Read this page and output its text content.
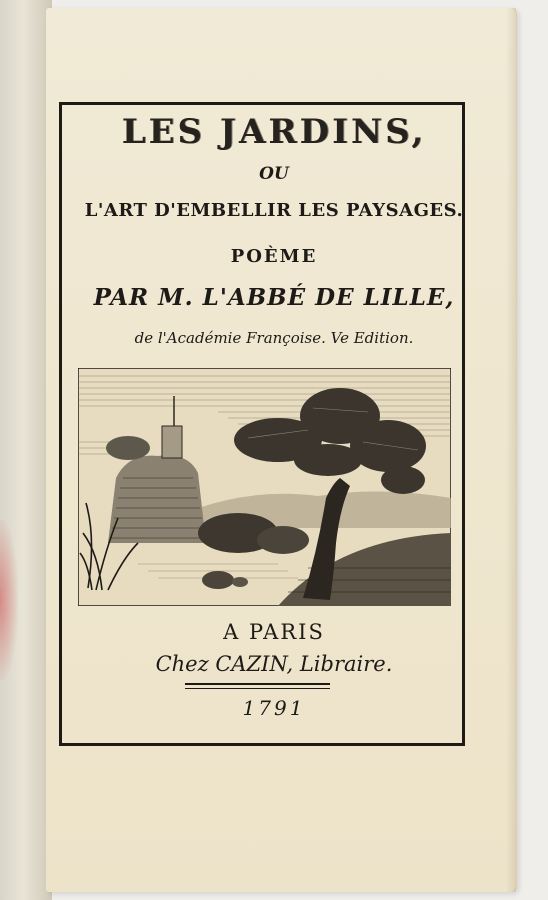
LES JARDINS,
OU
L'ART D'EMBELLIR LES PAYSAGES.
POÈME
PAR M. L'ABBÉ DE LILLE,
de l'Académie Françoise. Ve Edition.
A PARIS
Chez CAZIN, Libraire.
1791
